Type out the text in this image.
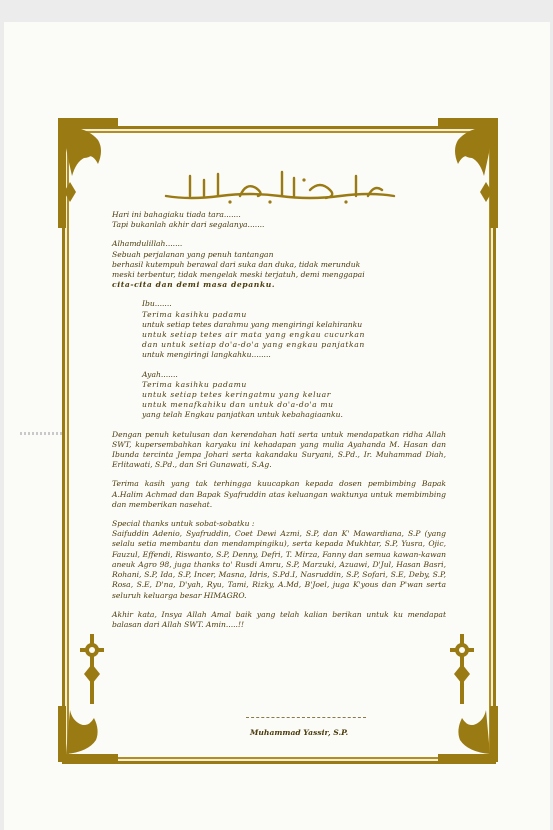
Hari ini bahagiaku tiada tara.......

Tapi bukanlah akhir dari segalanya.......

Alhamdulillah.......

Sebuah perjalanan yang penuh tantangan

berhasil kutempuh berawal dari suka dan duka, tidak merunduk

meski terbentur, tidak mengelak meski terjatuh, demi menggapai

cita-cita dan demi masa depanku.

Ibu.......

Terima kasihku padamu

untuk setiap tetes darahmu yang mengiringi kelahiranku

untuk setiap tetes air mata yang engkau cucurkan

dan untuk setiap do'a-do'a yang engkau panjatkan

untuk mengiringi langkahku........

Ayah.......

Terima kasihku padamu

untuk setiap tetes keringatmu yang keluar

untuk menafkahiku dan untuk do'a-do'a mu

yang telah Engkau panjatkan untuk kebahagiaanku.

Dengan penuh ketulusan dan kerendahan hati serta untuk mendapatkan ridha Allah SWT, kupersembahkan karyaku ini kehadapan yang mulia Ayahanda M. Hasan dan Ibunda tercinta Jempa Johari serta kakandaku Suryani, S.Pd., Ir. Muhammad Diah, Erlitawati, S.Pd., dan Sri Gunawati, S.Ag.

Terima kasih yang tak terhingga kuucapkan kepada dosen pembimbing Bapak A.Halim Achmad dan Bapak Syafruddin atas keluangan waktunya untuk membimbing dan memberikan nasehat.

Special thanks untuk sobat-sobatku :

Saifuddin Adenio, Syafruddin, Coet Dewi Azmi, S.P, dan K' Mawardiana, S.P (yang selalu setia membantu dan mendampingiku), serta kepada Mukhtar, S.P, Yusra, Ojic, Fauzul, Effendi, Riswanto, S.P, Denny, Defri, T. Mirza, Fanny dan semua kawan-kawan aneuk Agro 98, juga thanks to' Rusdi Amru, S.P, Marzuki, Azuawi, D'Jul, Hasan Basri, Rohani, S.P, Ida, S.P, Incer, Masna, Idris, S.Pd.I, Nasruddin, S.P, Sofari, S.E, Deby, S.P, Rosa, S.E, D'na, D'yah, Ryu, Tami, Rizky, A.Md, B'Joel, juga K'yous dan P'wan serta seluruh keluarga besar HIMAGRO.

Akhir kata, Insya Allah Amal baik yang telah kalian berikan untuk ku mendapat balasan dari Allah SWT. Amin.....!!

Muhammad Yassir, S.P.
